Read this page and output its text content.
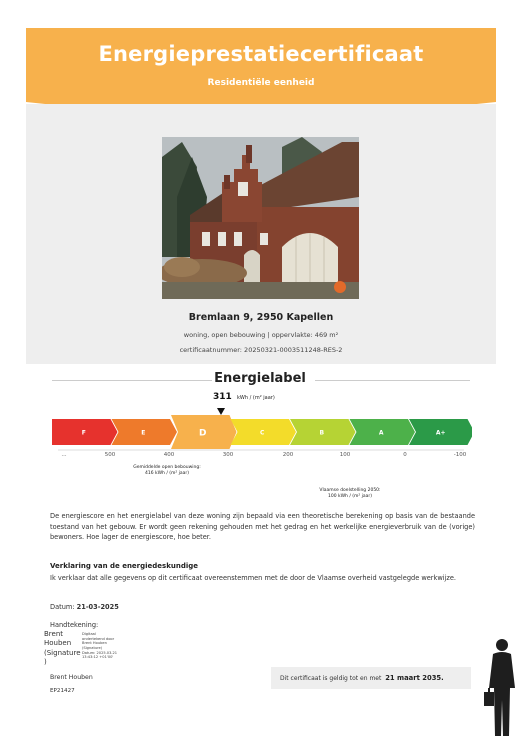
Energieprestatiecertificaat
Residentiële eenheid
Bremlaan 9, 2950 Kapellen
woning, open bebouwing | oppervlakte: 469 m²
certificaatnummer: 20250321-0003511248-RES-2
Energielabel
311 kWh / (m² jaar)
F	E	D	C	B	A	A+
...	500	400	300	200	100	0	-100
Gemiddelde open bebouwing:
416 kWh / (m² jaar)
Vlaamse doelstelling 2050:
100 kWh / (m² jaar)
De energiescore en het energielabel van deze woning zijn bepaald via een theoretische berekening op basis van de bestaande toestand van het gebouw. Er wordt geen rekening gehouden met het gedrag en het werkelijke energieverbruik van de (vorige) bewoners. Hoe lager de energiescore, hoe beter.
Verklaring van de energiedeskundige
Ik verklaar dat alle gegevens op dit certificaat overeenstemmen met de door de Vlaamse overheid vastgelegde werkwijze.
Datum: 21-03-2025
Handtekening:
Brent
Houben
(Signature
)
Digitaal
ondertekend door
Brent Houben
(Signature)
Datum: 2025.03.21
13:43:12 +01'00'
Brent Houben
EP21427
Dit certificaat is geldig tot en met 21 maart 2035.
